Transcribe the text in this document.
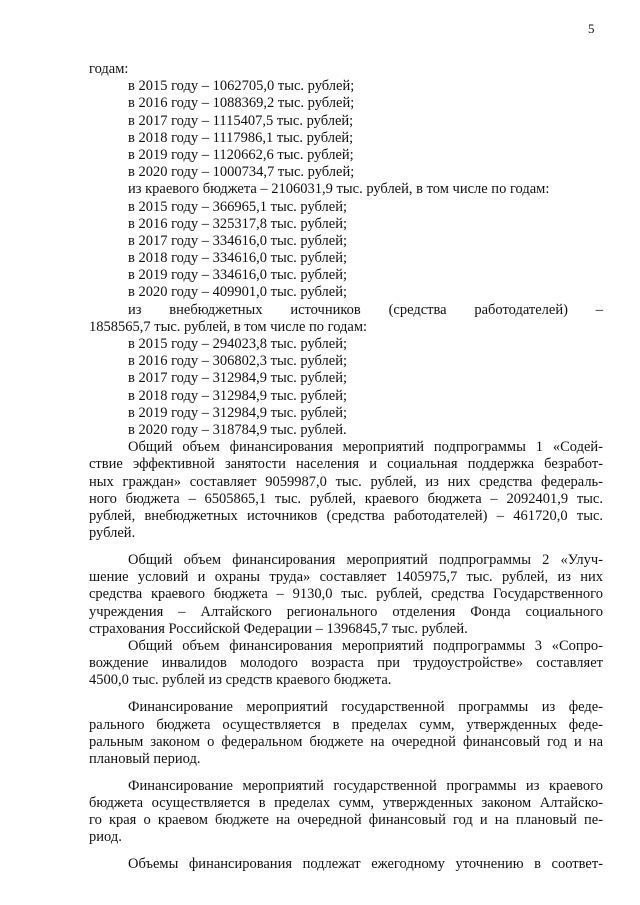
5
годам:
в 2015 году – 1062705,0 тыс. рублей;
в 2016 году – 1088369,2 тыс. рублей;
в 2017 году – 1115407,5 тыс. рублей;
в 2018 году – 1117986,1 тыс. рублей;
в 2019 году – 1120662,6 тыс. рублей;
в 2020 году – 1000734,7 тыс. рублей;
из краевого бюджета – 2106031,9 тыс. рублей, в том числе по годам:
в 2015 году – 366965,1 тыс. рублей;
в 2016 году – 325317,8 тыс. рублей;
в 2017 году – 334616,0 тыс. рублей;
в 2018 году – 334616,0 тыс. рублей;
в 2019 году – 334616,0 тыс. рублей;
в 2020 году – 409901,0 тыс. рублей;
из внебюджетных источников (средства работодателей) –
1858565,7 тыс. рублей, в том числе по годам:
в 2015 году – 294023,8 тыс. рублей;
в 2016 году – 306802,3 тыс. рублей;
в 2017 году – 312984,9 тыс. рублей;
в 2018 году – 312984,9 тыс. рублей;
в 2019 году – 312984,9 тыс. рублей;
в 2020 году – 318784,9 тыс. рублей.
Общий объем финансирования мероприятий подпрограммы 1 «Содей-
ствие эффективной занятости населения и социальная поддержка безработ-
ных граждан» составляет 9059987,0 тыс. рублей, из них средства федераль-
ного бюджета – 6505865,1 тыс. рублей, краевого бюджета – 2092401,9 тыс.
рублей, внебюджетных источников (средства работодателей) – 461720,0 тыс.
рублей.
Общий объем финансирования мероприятий подпрограммы 2 «Улуч-
шение условий и охраны труда» составляет 1405975,7 тыс. рублей, из них
средства краевого бюджета – 9130,0 тыс. рублей, средства Государственного
учреждения – Алтайского регионального отделения Фонда социального
страхования Российской Федерации – 1396845,7 тыс. рублей.
Общий объем финансирования мероприятий подпрограммы 3 «Сопро-
вождение инвалидов молодого возраста при трудоустройстве» составляет
4500,0 тыс. рублей из средств краевого бюджета.
Финансирование мероприятий государственной программы из феде-
рального бюджета осуществляется в пределах сумм, утвержденных феде-
ральным законом о федеральном бюджете на очередной финансовый год и на
плановый период.
Финансирование мероприятий государственной программы из краевого
бюджета осуществляется в пределах сумм, утвержденных законом Алтайско-
го края о краевом бюджете на очередной финансовый год и на плановый пе-
риод.
Объемы финансирования подлежат ежегодному уточнению в соответ-
